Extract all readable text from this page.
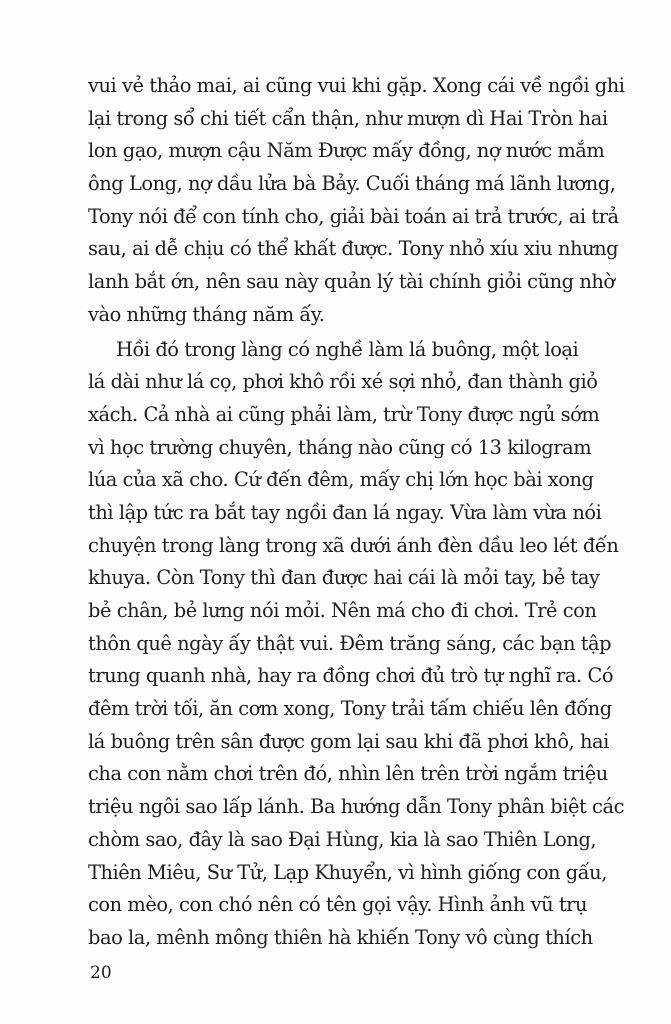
vui vẻ thảo mai, ai cũng vui khi gặp. Xong cái về ngồi ghi
lại trong sổ chi tiết cẩn thận, như mượn dì Hai Tròn hai
lon gạo, mượn cậu Năm Được mấy đồng, nợ nước mắm
ông Long, nợ dầu lửa bà Bảy. Cuối tháng má lãnh lương,
Tony nói để con tính cho, giải bài toán ai trả trước, ai trả
sau, ai dễ chịu có thể khất được. Tony nhỏ xíu xiu nhưng
lanh bắt ớn, nên sau này quản lý tài chính giỏi cũng nhờ
vào những tháng năm ấy.
Hồi đó trong làng có nghề làm lá buông, một loại
lá dài như lá cọ, phơi khô rồi xé sợi nhỏ, đan thành giỏ
xách. Cả nhà ai cũng phải làm, trừ Tony được ngủ sớm
vì học trường chuyên, tháng nào cũng có 13 kilogram
lúa của xã cho. Cứ đến đêm, mấy chị lớn học bài xong
thì lập tức ra bắt tay ngồi đan lá ngay. Vừa làm vừa nói
chuyện trong làng trong xã dưới ánh đèn dầu leo lét đến
khuya. Còn Tony thì đan được hai cái là mỏi tay, bẻ tay
bẻ chân, bẻ lưng nói mỏi. Nên má cho đi chơi. Trẻ con
thôn quê ngày ấy thật vui. Đêm trăng sáng, các bạn tập
trung quanh nhà, hay ra đồng chơi đủ trò tự nghĩ ra. Có
đêm trời tối, ăn cơm xong, Tony trải tấm chiếu lên đống
lá buông trên sân được gom lại sau khi đã phơi khô, hai
cha con nằm chơi trên đó, nhìn lên trên trời ngắm triệu
triệu ngôi sao lấp lánh. Ba hướng dẫn Tony phân biệt các
chòm sao, đây là sao Đại Hùng, kia là sao Thiên Long,
Thiên Miêu, Sư Tử, Lạp Khuyển, vì hình giống con gấu,
con mèo, con chó nên có tên gọi vậy. Hình ảnh vũ trụ
bao la, mênh mông thiên hà khiến Tony vô cùng thích
20
